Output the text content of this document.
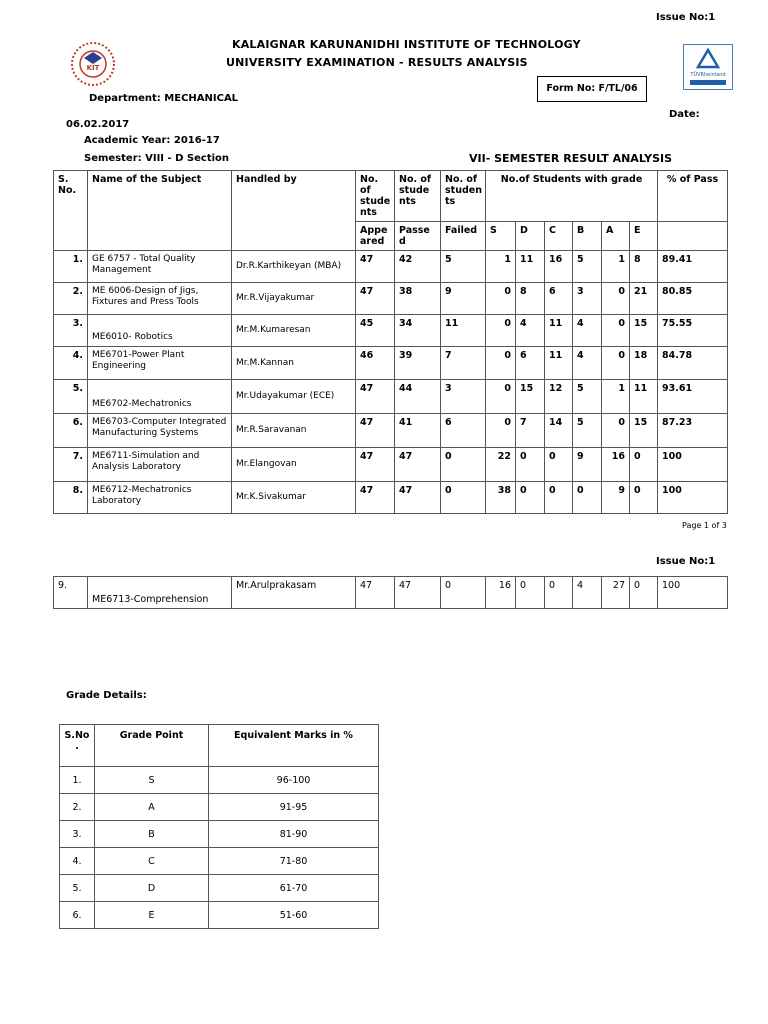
Issue No:1
KIT
KALAIGNAR KARUNANIDHI INSTITUTE OF TECHNOLOGY
UNIVERSITY EXAMINATION - RESULTS ANALYSIS
Form No: F/TL/06
TÜVRheinland
Department: MECHANICAL
Date:
06.02.2017
Academic Year: 2016-17
Semester: VIII - D Section	VII- SEMESTER RESULT ANALYSIS
S. No.	Name of the Subject	Handled by	No. of stude nts	No. of stude nts	No. of studen ts	No.of Students with grade						% of Pass
			Appe ared	Passe d	Failed	S	D	C	B	A	E	
1.	GE 6757 - Total Quality Management	Dr.R.Karthikeyan (MBA)	47	42	5	1	11	16	5	1	8	89.41
2.	ME 6006-Design of Jigs, Fixtures and Press Tools	Mr.R.Vijayakumar	47	38	9	0	8	6	3	0	21	80.85
3.	ME6010- Robotics	Mr.M.Kumaresan	45	34	11	0	4	11	4	0	15	75.55
4.	ME6701-Power Plant Engineering	Mr.M.Kannan	46	39	7	0	6	11	4	0	18	84.78
5.	ME6702-Mechatronics	Mr.Udayakumar (ECE)	47	44	3	0	15	12	5	1	11	93.61
6.	ME6703-Computer Integrated Manufacturing Systems	Mr.R.Saravanan	47	41	6	0	7	14	5	0	15	87.23
7.	ME6711-Simulation and Analysis Laboratory	Mr.Elangovan	47	47	0	22	0	0	9	16	0	100
8.	ME6712-Mechatronics Laboratory	Mr.K.Sivakumar	47	47	0	38	0	0	0	9	0	100
Page 1 of 3
Issue No:1
9.	ME6713-Comprehension	Mr.Arulprakasam	47	47	0	16	0	0	4	27	0	100
Grade Details:
S.No .	Grade Point	Equivalent Marks in %
1.	S	96-100
2.	A	91-95
3.	B	81-90
4.	C	71-80
5.	D	61-70
6.	E	51-60
